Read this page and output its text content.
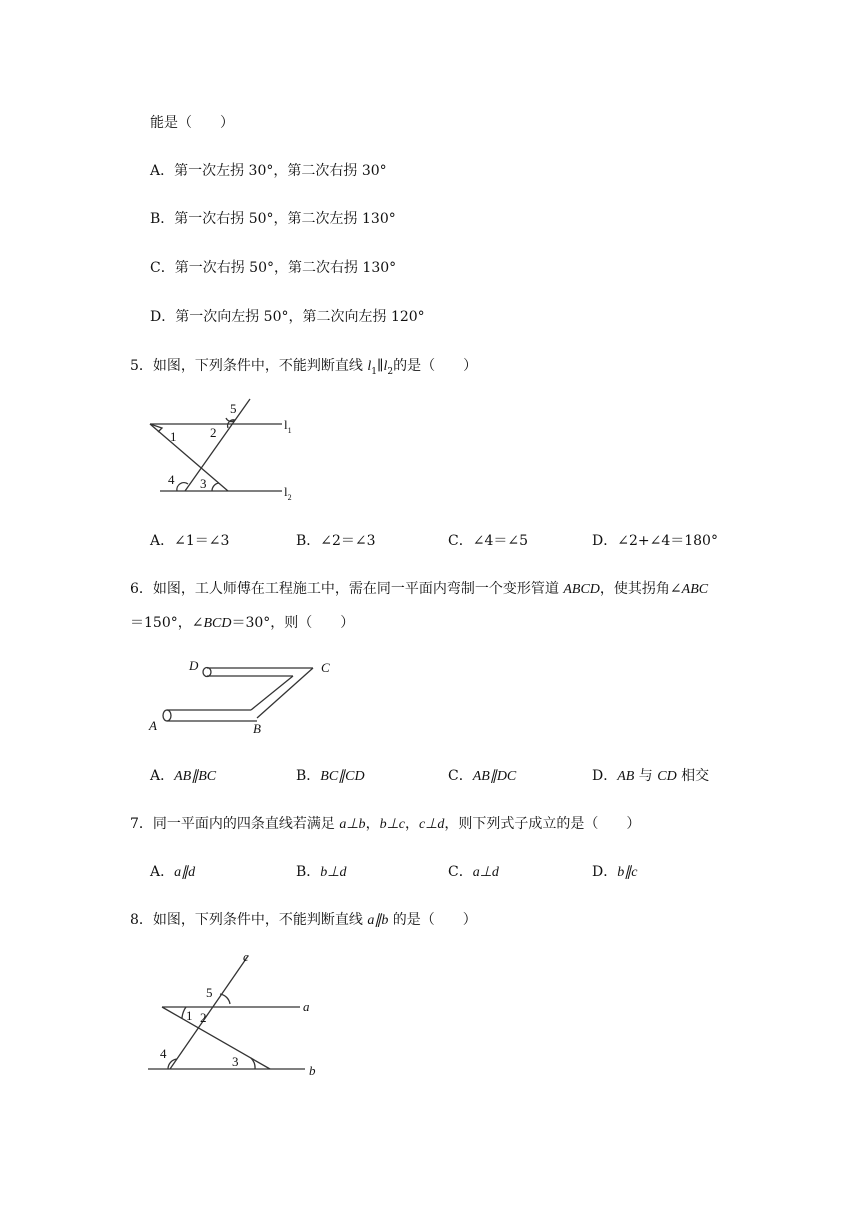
能是（　　）
A．第一次左拐 30°，第二次右拐 30°
B．第一次右拐 50°，第二次左拐 130°
C．第一次右拐 50°，第二次右拐 130°
D．第一次向左拐 50°，第二次向左拐 120°
5．如图，下列条件中，不能判断直线 $l_1\parallel l_2$的是（　　）
1	2
3
4
5
$l_1$
$l_2$
A．∠1＝∠3	B．∠2＝∠3	C．∠4＝∠5	D．∠2+∠4＝180°
6．如图，工人师傅在工程施工中，需在同一平面内弯制一个变形管道 ABCD，使其拐角∠ABC
＝150°，∠BCD＝30°，则（　　）
D	C
A	B
A．AB∥BC	B．BC∥CD	C．AB∥DC	D．AB 与 CD 相交
7．同一平面内的四条直线若满足 a⊥b，b⊥c，c⊥d，则下列式子成立的是（　　）
A．a∥d	B．b⊥d	C．a⊥d	D．b∥c
8．如图，下列条件中，不能判断直线 a∥b 的是（　　）
1 2
3
4
5
a
b
c
